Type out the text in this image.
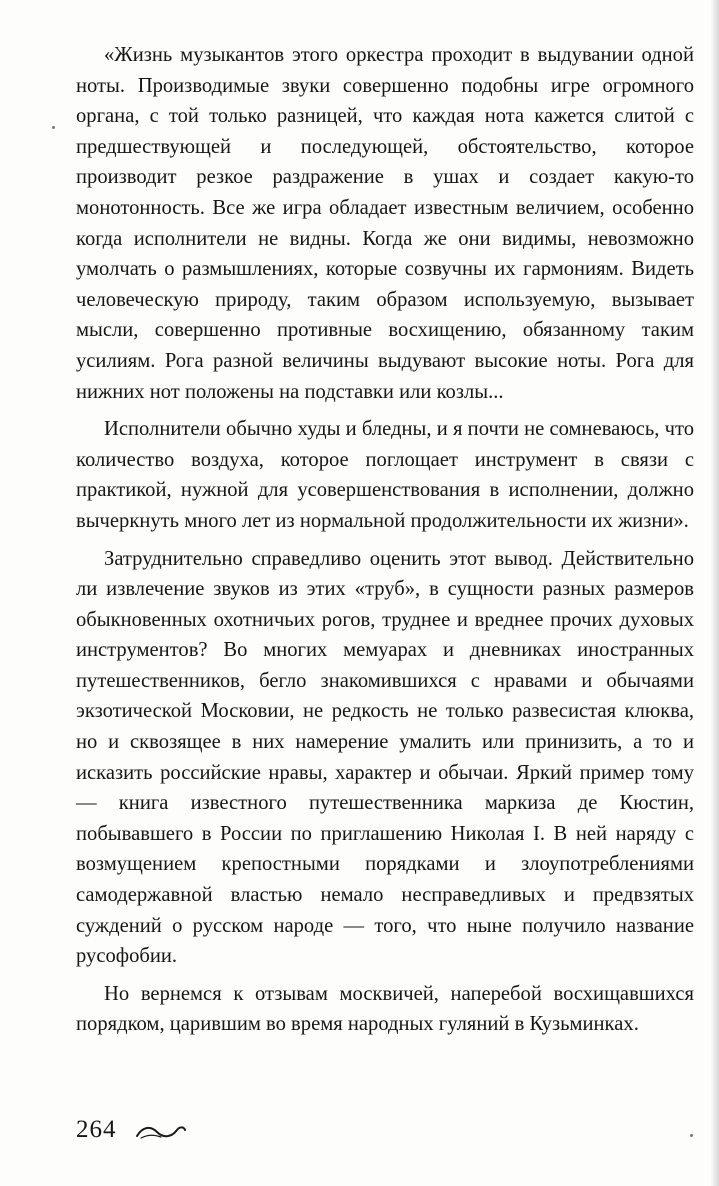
«Жизнь музыкантов этого оркестра проходит в выдувании одной ноты. Производимые звуки совершенно подобны игре огромного органа, с той только разницей, что каждая нота кажется слитой с предшествующей и последующей, обстоятельство, которое производит резкое раздражение в ушах и создает какую-то монотонность. Все же игра обладает известным величием, особенно когда исполнители не видны. Когда же они видимы, невозможно умолчать о размышлениях, которые созвучны их гармониям. Видеть человеческую природу, таким образом используемую, вызывает мысли, совершенно противные восхищению, обязанному таким усилиям. Рога разной величины выдувают высокие ноты. Рога для нижних нот положены на подставки или козлы...

Исполнители обычно худы и бледны, и я почти не сомневаюсь, что количество воздуха, которое поглощает инструмент в связи с практикой, нужной для усовершенствования в исполнении, должно вычеркнуть много лет из нормальной продолжительности их жизни».

Затруднительно справедливо оценить этот вывод. Действительно ли извлечение звуков из этих «труб», в сущности разных размеров обыкновенных охотничьих рогов, труднее и вреднее прочих духовых инструментов? Во многих мемуарах и дневниках иностранных путешественников, бегло знакомившихся с нравами и обычаями экзотической Московии, не редкость не только развесистая клюква, но и сквозящее в них намерение умалить или принизить, а то и исказить российские нравы, характер и обычаи. Яркий пример тому — книга известного путешественника маркиза де Кюстин, побывавшего в России по приглашению Николая I. В ней наряду с возмущением крепостными порядками и злоупотреблениями самодержавной властью немало несправедливых и предвзятых суждений о русском народе — того, что ныне получило название русофобии.

Но вернемся к отзывам москвичей, наперебой восхищавшихся порядком, царившим во время народных гуляний в Кузьминках.

264
